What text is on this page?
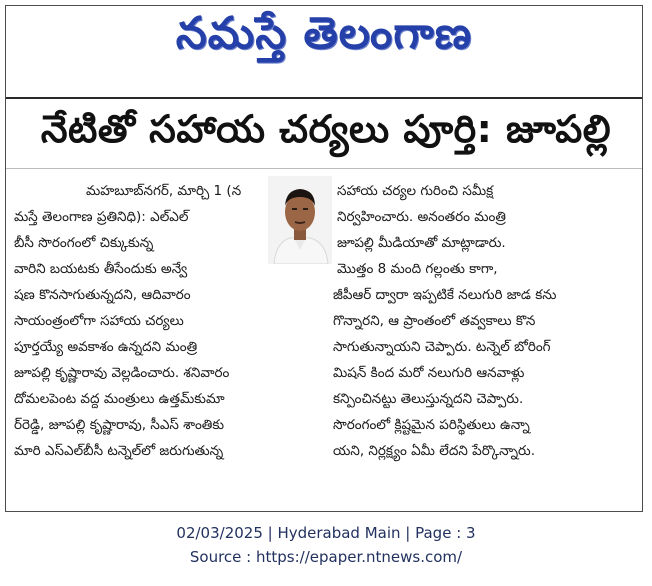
నమస్తే తెలంగాణ
నేటితో సహాయ చర్యలు పూర్తి: జూపల్లి
మహబూబ్‌నగర్, మార్చి 1 (న
మస్తే తెలంగాణ ప్రతినిధి): ఎల్‌ఎల్
బీసీ సొరంగంలో చిక్కుకున్న
వారిని బయటకు తీసేందుకు అన్వే
షణ కొనసాగుతున్నదని, ఆదివారం
సాయంత్రంలోగా సహాయ చర్యలు
పూర్తయ్యే అవకాశం ఉన్నదని మంత్రి
జూపల్లి కృష్ణారావు వెల్లడించారు. శనివారం
దోమలపెంట వద్ద మంత్రులు ఉత్తమ్‌కుమా
ర్‌రెడ్డి, జూపల్లి కృష్ణారావు, సీఎస్ శాంతికు
మారి ఎస్‌ఎల్‌బీసీ టన్నెల్‌లో జరుగుతున్న
సహాయ చర్యల గురించి సమీక్ష
నిర్వహించారు. అనంతరం మంత్రి
జూపల్లి మీడియాతో మాట్లాడారు.
మొత్తం 8 మంది గల్లంతు కాగా,
జీపీఆర్ ద్వారా ఇప్పటికే నలుగురి జాడ కను
గొన్నారని, ఆ ప్రాంతంలో తవ్వకాలు కొన
సాగుతున్నాయని చెప్పారు. టన్నెల్ బోరింగ్
మిషన్ కింద మరో నలుగురి ఆనవాళ్లు
కన్పించినట్టు తెలుస్తున్నదని చెప్పారు.
సొరంగంలో క్లిష్టమైన పరిస్థితులు ఉన్నా
యని, నిర్లక్ష్యం ఏమీ లేదని పేర్కొన్నారు.
02/03/2025 | Hyderabad Main | Page : 3
Source : https://epaper.ntnews.com/
